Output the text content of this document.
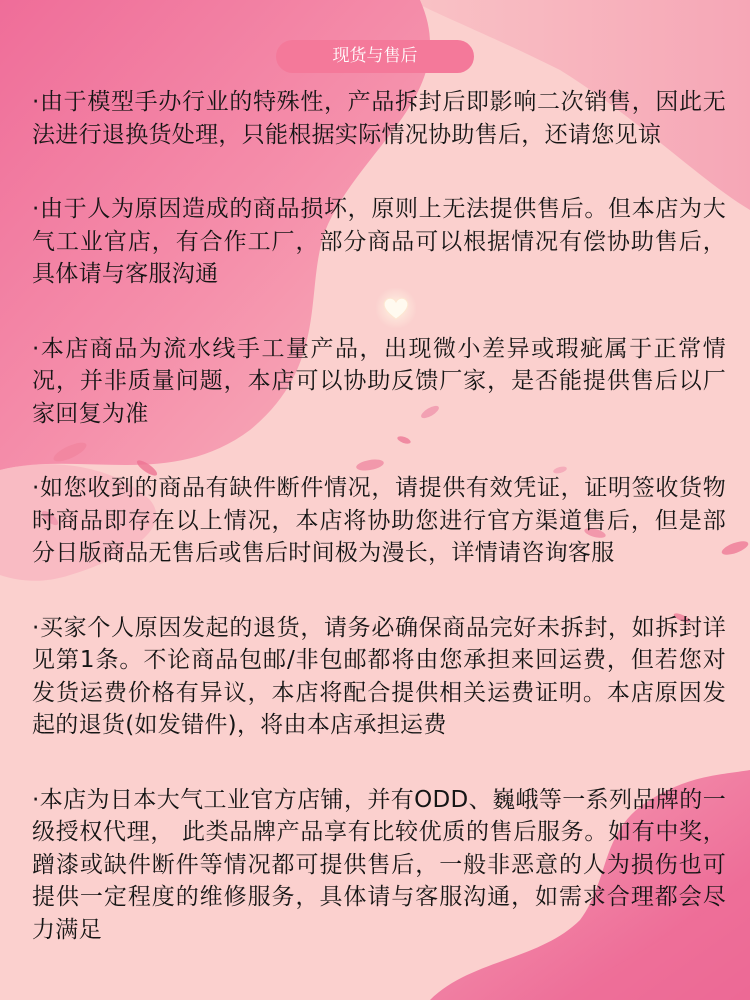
现货与售后

·由于模型手办行业的特殊性，产品拆封后即影响二次销售，因此无法进行退换货处理，只能根据实际情况协助售后，还请您见谅

·由于人为原因造成的商品损坏，原则上无法提供售后。但本店为大气工业官店，有合作工厂，部分商品可以根据情况有偿协助售后，具体请与客服沟通

·本店商品为流水线手工量产品，出现微小差异或瑕疵属于正常情况，并非质量问题，本店可以协助反馈厂家，是否能提供售后以厂家回复为准

·如您收到的商品有缺件断件情况，请提供有效凭证，证明签收货物时商品即存在以上情况，本店将协助您进行官方渠道售后，但是部分日版商品无售后或售后时间极为漫长，详情请咨询客服

·买家个人原因发起的退货，请务必确保商品完好未拆封，如拆封详见第1条。不论商品包邮/非包邮都将由您承担来回运费，但若您对发货运费价格有异议，本店将配合提供相关运费证明。本店原因发起的退货(如发错件)，将由本店承担运费

·本店为日本大气工业官方店铺，并有ODD、巍峨等一系列品牌的一级授权代理， 此类品牌产品享有比较优质的售后服务。如有中奖，蹭漆或缺件断件等情况都可提供售后，一般非恶意的人为损伤也可提供一定程度的维修服务，具体请与客服沟通，如需求合理都会尽力满足
